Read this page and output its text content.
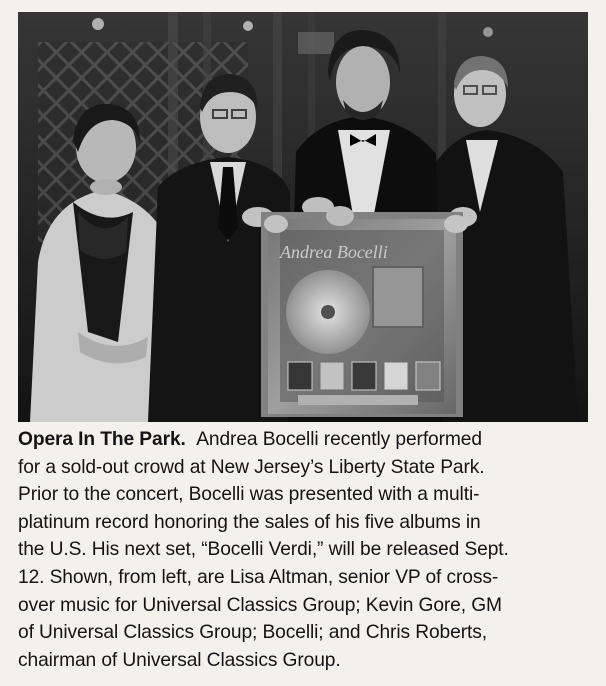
Andrea Bocelli
Opera In The Park. Andrea Bocelli recently performed
for a sold-out crowd at New Jersey’s Liberty State Park.
Prior to the concert, Bocelli was presented with a multi-
platinum record honoring the sales of his five albums in
the U.S. His next set, “Bocelli Verdi,” will be released Sept.
12. Shown, from left, are Lisa Altman, senior VP of cross-
over music for Universal Classics Group; Kevin Gore, GM
of Universal Classics Group; Bocelli; and Chris Roberts,
chairman of Universal Classics Group.
